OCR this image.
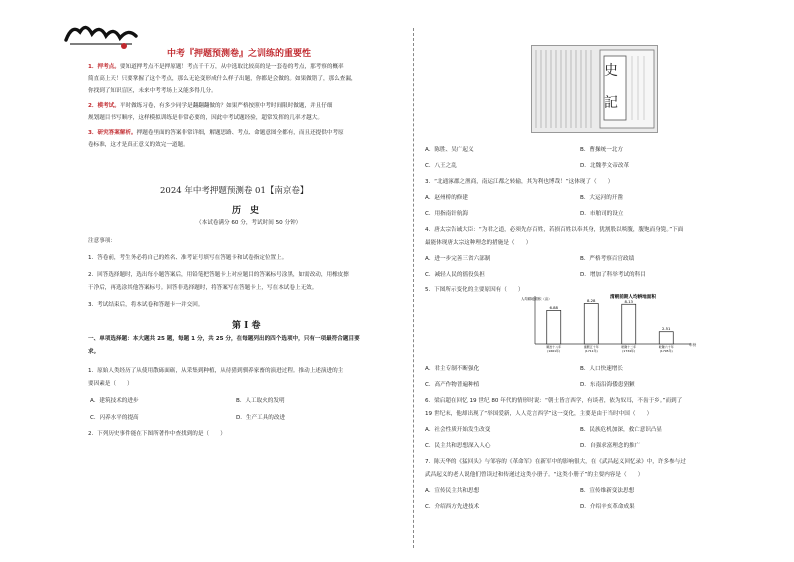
中考『押题预测卷』之训练的重要性
1．押考点。要知道押考点不是押原题！考点千千万，从中选取比较高的是一套卷的考点，那考察的概率
简直高上天！只要掌握了这个考点，那么无论变形成什么样子出题，你都是会做的。如果做错了，那么查漏，
你找到了知识盲区，未来中考考场上又能多得几分。
2．模考试。平时做练习卷，有多少同学是翻翻翻做的？如果严格按照中考时间限时做题，并且仔细
规划题目书写顺序，这样模拟训练是非常必要的，因此中考试题经验，超常发挥的几率才越大。
3．研究答案解析。押题卷里面的答案非常详细，解题思路、考点、命题意图全都有，而且还提供中考原
卷标准，这才是真正意义的效完一道题。
2024 年中考押题预测卷 01【南京卷】
历　史
（本试卷满分 60 分，考试时间 50 分钟）
注意事项：
1．答卷前，考生务必将自己的姓名、准考证号填写在答题卡和试卷指定位置上。
2．回答选择题时，选出每小题答案后，用铅笔把答题卡上对应题目的答案标号涂黑，如需改动，用橡皮擦
干净后，再选涂其他答案标号。回答非选择题时，将答案写在答题卡上，写在本试卷上无效。
3．考试结束后，将本试卷和答题卡一并交回。
第 I 卷
一、单项选择题：本大题共 25 题，每题 1 分，共 25 分，在每题列出的四个选项中，只有一项最符合题目要
求。
1．原始人类经历了从使用散砾面砺，从采集到种植，从待猎到驯养家畜的演进过程。推动上述演进的主
要因素是（　　）
A．建筑技术的进步	B．人工取火的发明
C．闪养水平的提高	D．生产工具的改进
2．下列历史事件能在下图所著作中查找到的是（　　）
史
記
A．陈胜、吴广起义	B．曹操统一北方
C．八王之乱	D．北魏孝文帝改革
3．“北通涿郡之渔商，南运江都之转输，其为利也博哉！”这体现了（　　）
A．赵州桥的修建	B．大运河的开凿
C．用指南针航海	D．市舶司的设立
4．唐太宗告诫大臣：“为君之道，必须先存百姓，若损百姓以奉其身，犹割股以啖腹，腹饱而身毙。”下面
最能体现唐太宗这种理念的措施是（　　）
A．进一步完善三省六部制	B．严格考察百官政绩
C．减轻人民的徭役负担	D．增加了科举考试的科目
5．下图所示变化的主要原因有（　　）
清朝前期人均耕地面积
人均耕地面积（亩）
年份
6.88
顺治十八年
(1661年)
8.28
康熙五十年
(1711年)
8.13
乾隆十二年
(1734年)
2.51
乾隆六十年
(1795年)
A．君主专制不断强化	B．人口快速增长
C．高产作物普遍种植	D．东南沿海倭患猖獗
6．梁启超在回忆 19 世纪 80 年代的情形时说：“朝士皆言西学，有谈者，依为奴耳，不齿于乡。”而到了
19 世纪末，他却出现了“举国爱新，人人竞言西学”这一变化，主要是由于当时中国（　　）
A．社会性质开始发生改变	B．民族危机加深，救亡意识凸显
C．民主共和思想深入人心	D．自强求富理念的推广
7．陈天华的《猛回头》与邹容的《革命军》在新军中的影响很大，在《武昌起义回忆录》中，许多参与过
武昌起义的老人说他们曾读过和传递过这类小册子。“这类小册子”的主要内容是（　　）
A．宣传民主共和思想	B．宣传维新变法思想
C．介绍西方先进技术	D．介绍辛亥革命成果
